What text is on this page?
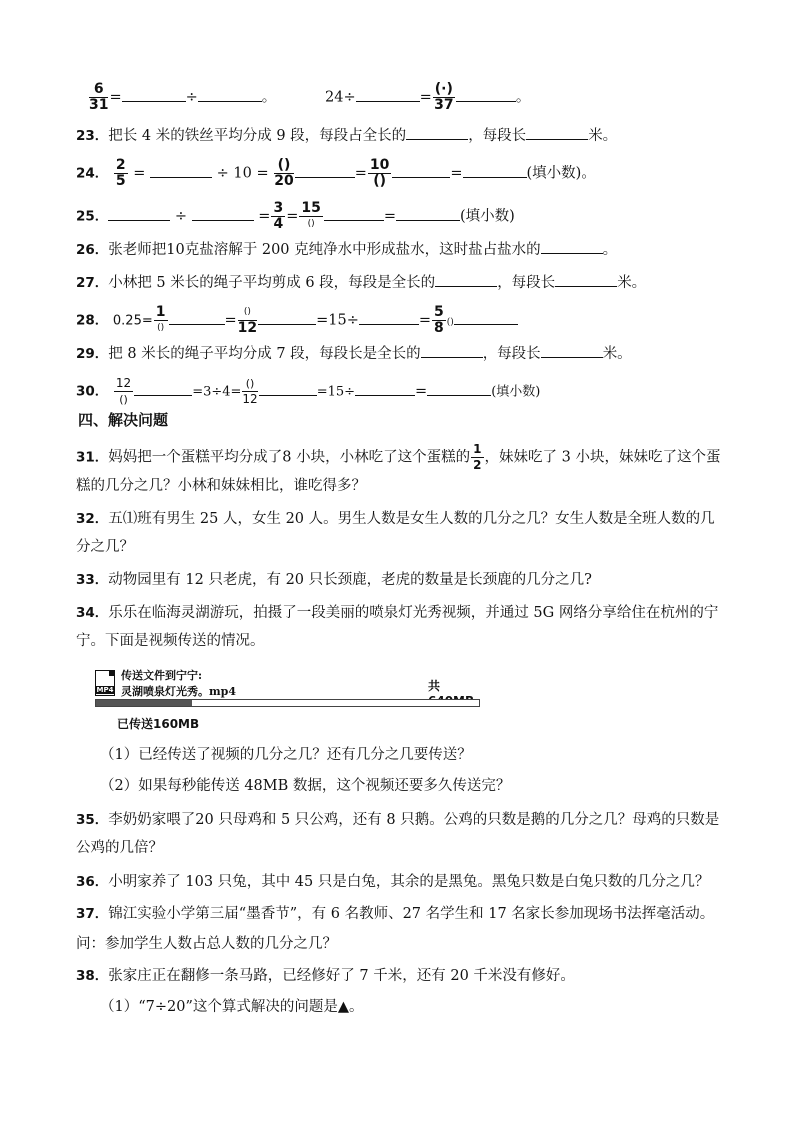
$\frac{6}{31}$ =	÷	。	24÷	= $\frac{(\cdot)}{37}$	。
23．把长 4 米的铁丝平均分成 9 段，每段占全长的	，每段长	米。
24． $\frac{2}{5}$ =	÷ $10 = \frac{()}{20}$	= $\frac{10}{()}$	=	(填小数)。
25．	÷	= $\frac{3}{4} = \frac{15}{()}$	=	(填小数)
26．张老师把10克盐溶解于 200 克纯净水中形成盐水，这时盐占盐水的	。
27．小林把 5 米长的绳子平均剪成 6 段，每段是全长的	，每段长	米。
28． $0.25= \frac{1}{()}$	= $\frac{()}{12}$	=15÷	= $\frac{5}{8}$ ()
29．把 8 米长的绳子平均分成 7 段，每段长是全长的	，每段长	米。
30． $\frac{12}{()}$	$=3\div 4= \frac{()}{12}$	=15÷	=	(填小数)
四、解决问题
31．妈妈把一个蛋糕平均分成了8 小块，小林吃了这个蛋糕的 $\frac{1}{2}$ ，妹妹吃了 3 小块，妹妹吃了这个蛋
糕的几分之几？小林和妹妹相比，谁吃得多？
32．五⑴班有男生 25 人，女生 20 人。男生人数是女生人数的几分之几？女生人数是全班人数的几
分之几？
33．动物园里有 12 只老虎，有 20 只长颈鹿，老虎的数量是长颈鹿的几分之几?
34．乐乐在临海灵湖游玩，拍摄了一段美丽的喷泉灯光秀视频，并通过 5G 网络分享给住在杭州的宁
宁。下面是视频传送的情况。
MP4
传送文件到宁宁:
灵湖喷泉灯光秀。mp4	共
已传送160MB
（1）已经传送了视频的几分之几？还有几分之几要传送？
（2）如果每秒能传送 48MB 数据，这个视频还要多久传送完？
35．李奶奶家喂了20 只母鸡和 5 只公鸡，还有 8 只鹅。公鸡的只数是鹅的几分之几？母鸡的只数是
公鸡的几倍？
36．小明家养了 103 只兔，其中 45 只是白兔，其余的是黑兔。黑兔只数是白兔只数的几分之几？
37．锦江实验小学第三届“墨香节”，有 6 名教师、27 名学生和 17 名家长参加现场书法挥毫活动。
问：参加学生人数占总人数的几分之几？
38．张家庄正在翻修一条马路，已经修好了 7 千米，还有 20 千米没有修好。
（1）“7÷20”这个算式解决的问题是▲。
